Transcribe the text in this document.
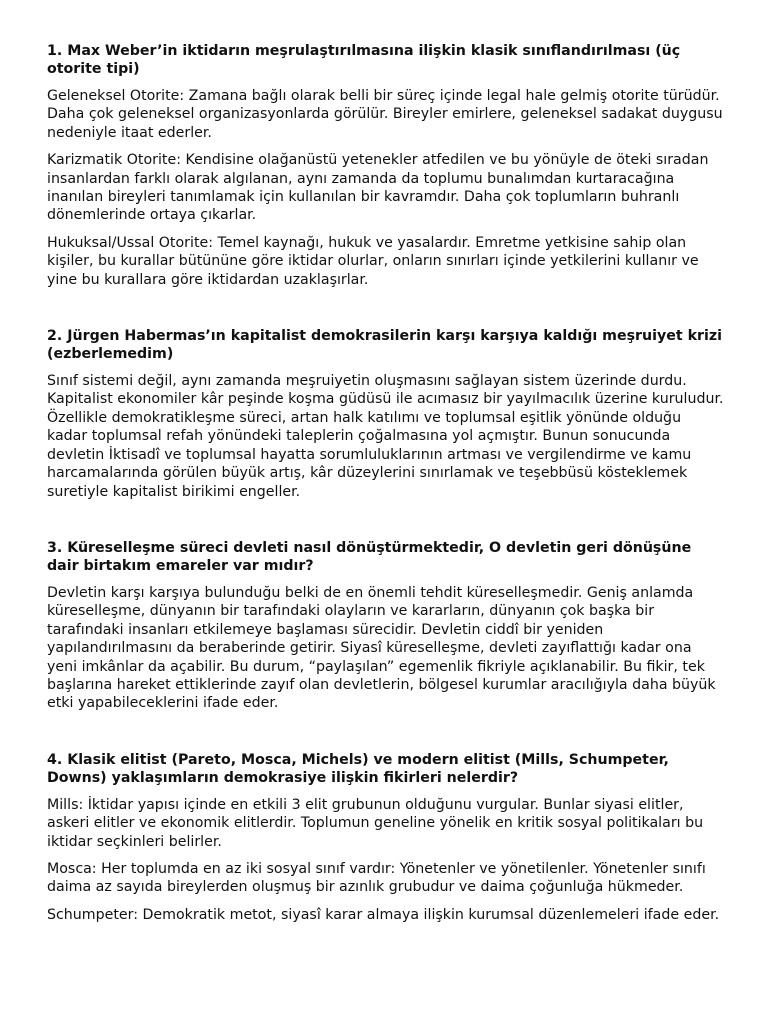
1. Max Weber’in iktidarın meşrulaştırılmasına ilişkin klasik sınıflandırılması (üç otorite tipi)

Geleneksel Otorite: Zamana bağlı olarak belli bir süreç içinde legal hale gelmiş otorite türüdür. Daha çok geleneksel organizasyonlarda görülür. Bireyler emirlere, geleneksel sadakat duygusu nedeniyle itaat ederler.

Karizmatik Otorite: Kendisine olağanüstü yetenekler atfedilen ve bu yönüyle de öteki sıradan insanlardan farklı olarak algılanan, aynı zamanda da toplumu bunalımdan kurtaracağına inanılan bireyleri tanımlamak için kullanılan bir kavramdır. Daha çok toplumların buhranlı dönemlerinde ortaya çıkarlar.

Hukuksal/Ussal Otorite: Temel kaynağı, hukuk ve yasalardır. Emretme yetkisine sahip olan kişiler, bu kurallar bütününe göre iktidar olurlar, onların sınırları içinde yetkilerini kullanır ve yine bu kurallara göre iktidardan uzaklaşırlar.

2. Jürgen Habermas’ın kapitalist demokrasilerin karşı karşıya kaldığı meşruiyet krizi (ezberlemedim)

Sınıf sistemi değil, aynı zamanda meşruiyetin oluşmasını sağlayan sistem üzerinde durdu. Kapitalist ekonomiler kâr peşinde koşma güdüsü ile acımasız bir yayılmacılık üzerine kuruludur. Özellikle demokratikleşme süreci, artan halk katılımı ve toplumsal eşitlik yönünde olduğu kadar toplumsal refah yönündeki taleplerin çoğalmasına yol açmıştır. Bunun sonucunda devletin İktisadî ve toplumsal hayatta sorumluluklarının artması ve vergilendirme ve kamu harcamalarında görülen büyük artış, kâr düzeylerini sınırlamak ve teşebbüsü köstеklemek suretiyle kapitalist birikimi engeller.

3. Küreselleşme süreci devleti nasıl dönüştürmektedir, O devletin geri dönüşüne dair birtakım emareler var mıdır?

Devletin karşı karşıya bulunduğu belki de en önemli tehdit küreselleşmedir. Geniş anlamda küreselleşme, dünyanın bir tarafındaki olayların ve kararların, dünyanın çok başka bir tarafındaki insanları etkilemeye başlaması sürecidir. Devletin ciddî bir yeniden yapılandırılmasını da beraberinde getirir. Siyasî küreselleşme, devleti zayıflattığı kadar ona yeni imkânlar da açabilir. Bu durum, “paylaşılan” egemenlik fikriyle açıklanabilir. Bu fikir, tek başlarına hareket ettiklerinde zayıf olan devletlerin, bölgesel kurumlar aracılığıyla daha büyük etki yapabileceklerini ifade eder.

4. Klasik elitist (Pareto, Mosca, Michels) ve modern elitist (Mills, Schumpeter, Downs) yaklaşımların demokrasiye ilişkin fikirleri nelerdir?

Mills: İktidar yapısı içinde en etkili 3 elit grubunun olduğunu vurgular. Bunlar siyasi elitler, askeri elitler ve ekonomik elitlerdir. Toplumun geneline yönelik en kritik sosyal politikaları bu iktidar seçkinleri belirler.

Mosca: Her toplumda en az iki sosyal sınıf vardır: Yönetenler ve yönetilenler. Yönetenler sınıfı daima az sayıda bireylerden oluşmuş bir azınlık grubudur ve daima çoğunluğa hükmeder.

Schumpeter: Demokratik metot, siyasî karar almaya ilişkin kurumsal düzenlemeleri ifade eder.
